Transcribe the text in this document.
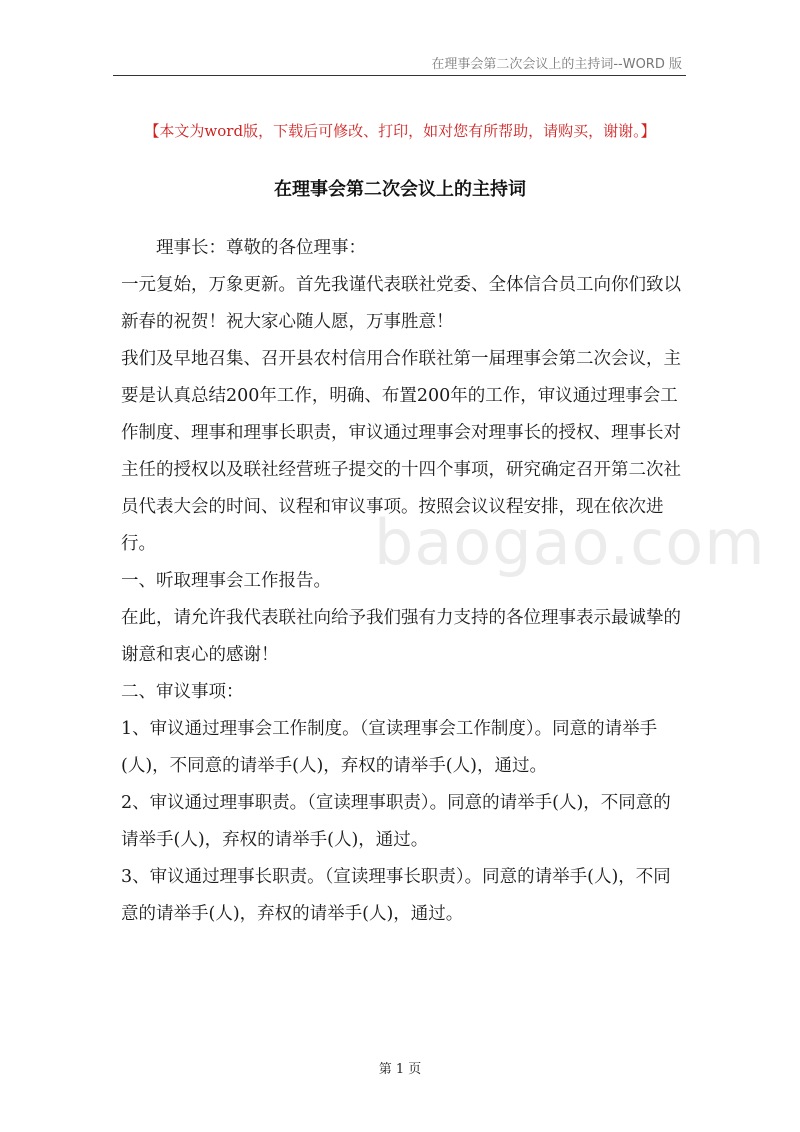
在理事会第二次会议上的主持词--WORD 版
【本文为word版，下载后可修改、打印，如对您有所帮助，请购买，谢谢。】
在理事会第二次会议上的主持词
baogao.com

理事长：尊敬的各位理事：

一元复始，万象更新。首先我谨代表联社党委、全体信合员工向你们致以新春的祝贺！祝大家心随人愿，万事胜意！

我们及早地召集、召开县农村信用合作联社第一届理事会第二次会议，主要是认真总结200年工作，明确、布置200年的工作，审议通过理事会工作制度、理事和理事长职责，审议通过理事会对理事长的授权、理事长对主任的授权以及联社经营班子提交的十四个事项，研究确定召开第二次社员代表大会的时间、议程和审议事项。按照会议议程安排，现在依次进行。

一、听取理事会工作报告。

在此，请允许我代表联社向给予我们强有力支持的各位理事表示最诚挚的谢意和衷心的感谢！

二、审议事项：

1、审议通过理事会工作制度。（宣读理事会工作制度）。同意的请举手(人)，不同意的请举手(人)，弃权的请举手(人)，通过。

2、审议通过理事职责。（宣读理事职责）。同意的请举手(人)，不同意的请举手(人)，弃权的请举手(人)，通过。

3、审议通过理事长职责。（宣读理事长职责）。同意的请举手(人)，不同意的请举手(人)，弃权的请举手(人)，通过。

第 1 页
